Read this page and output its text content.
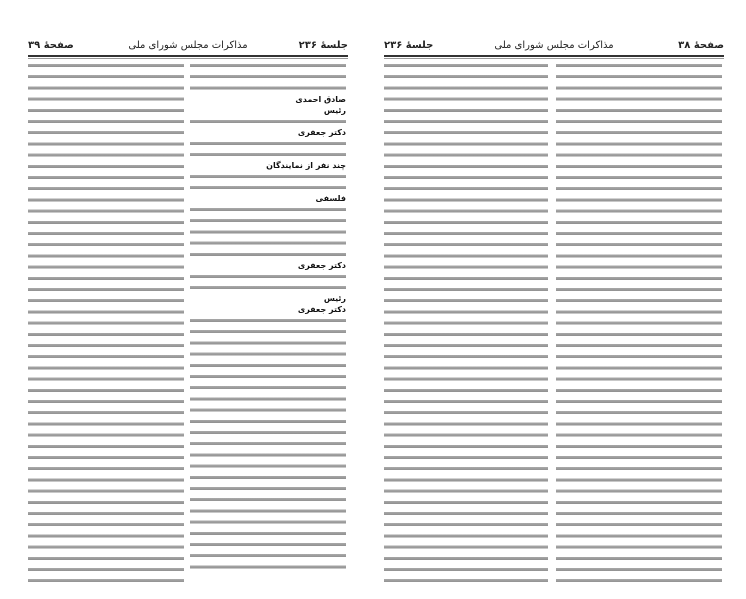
جلسهٔ ۲۳۶
مذاکرات مجلس شورای ملی
صفحهٔ ۳۹
صادق احمدی
رئیس
دکتر جعفری
چند نفر از نمایندگان
فلسفی
دکتر جعفری
رئیس
دکتر جعفری
صفحهٔ ۳۸
مذاکرات مجلس شورای ملی
جلسهٔ ۲۳۶
